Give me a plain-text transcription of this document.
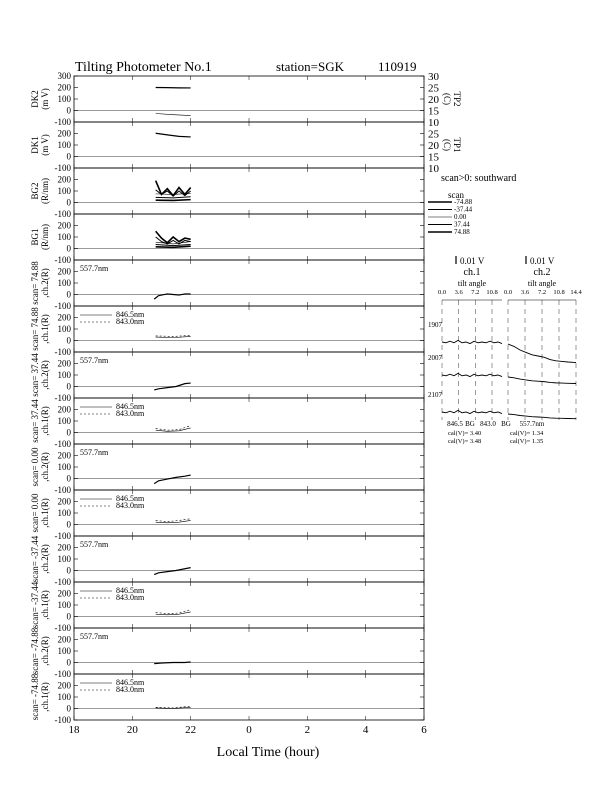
Tilting Photometer No.1	station=SGK	110919
-100
0
100
200
300
10
15
20
25
30
TP2(C)
DK2(m V)
-100
0
100
200
10
15
20
25
TP1(C)
DK1(m V)
-100
0
100
200
BG2(R/nm)
-100
0
100
200
BG1(R/nm)
-100
0
100
200
scan= 74.88,ch.2(R)	557.7nm
-100
0
100
200
scan= 74.88,ch.1(R)	846.5nm
843.0nm
-100
0
100
200
scan= 37.44,ch.2(R)	557.7nm
-100
0
100
200
scan= 37.44,ch.1(R)	846.5nm
843.0nm
-100
0
100
200
scan= 0.00,ch.2(R)	557.7nm
-100
0
100
200
scan= 0.00,ch.1(R)	846.5nm
843.0nm
-100
0
100
200
scan= -37.44,ch.2(R)	557.7nm
-100
0
100
200
scan= -37.44,ch.1(R)	846.5nm
843.0nm
-100
0
100
200
scan= -74.88,ch.2(R)	557.7nm
-100
0
100
200
scan= -74.88,ch.1(R)	846.5nm
843.0nm
18	20	22	0	2	4	6
Local Time (hour)
scan>0: southward
scan
-74.88
-37.44
0.00
37.44
74.88
0.01 V
ch.1
tilt angle
0.0 3.6 7.2 10.8
0.01 V
ch.2
tilt angle
0.0 3.6 7.2 10.8 14.4
1907
2007
2107
846.5 BG 843.0 BG 557.7nm
cal(V)= 3.40
cal(V)= 3.48
cal(V)= 1.34
cal(V)= 1.35
